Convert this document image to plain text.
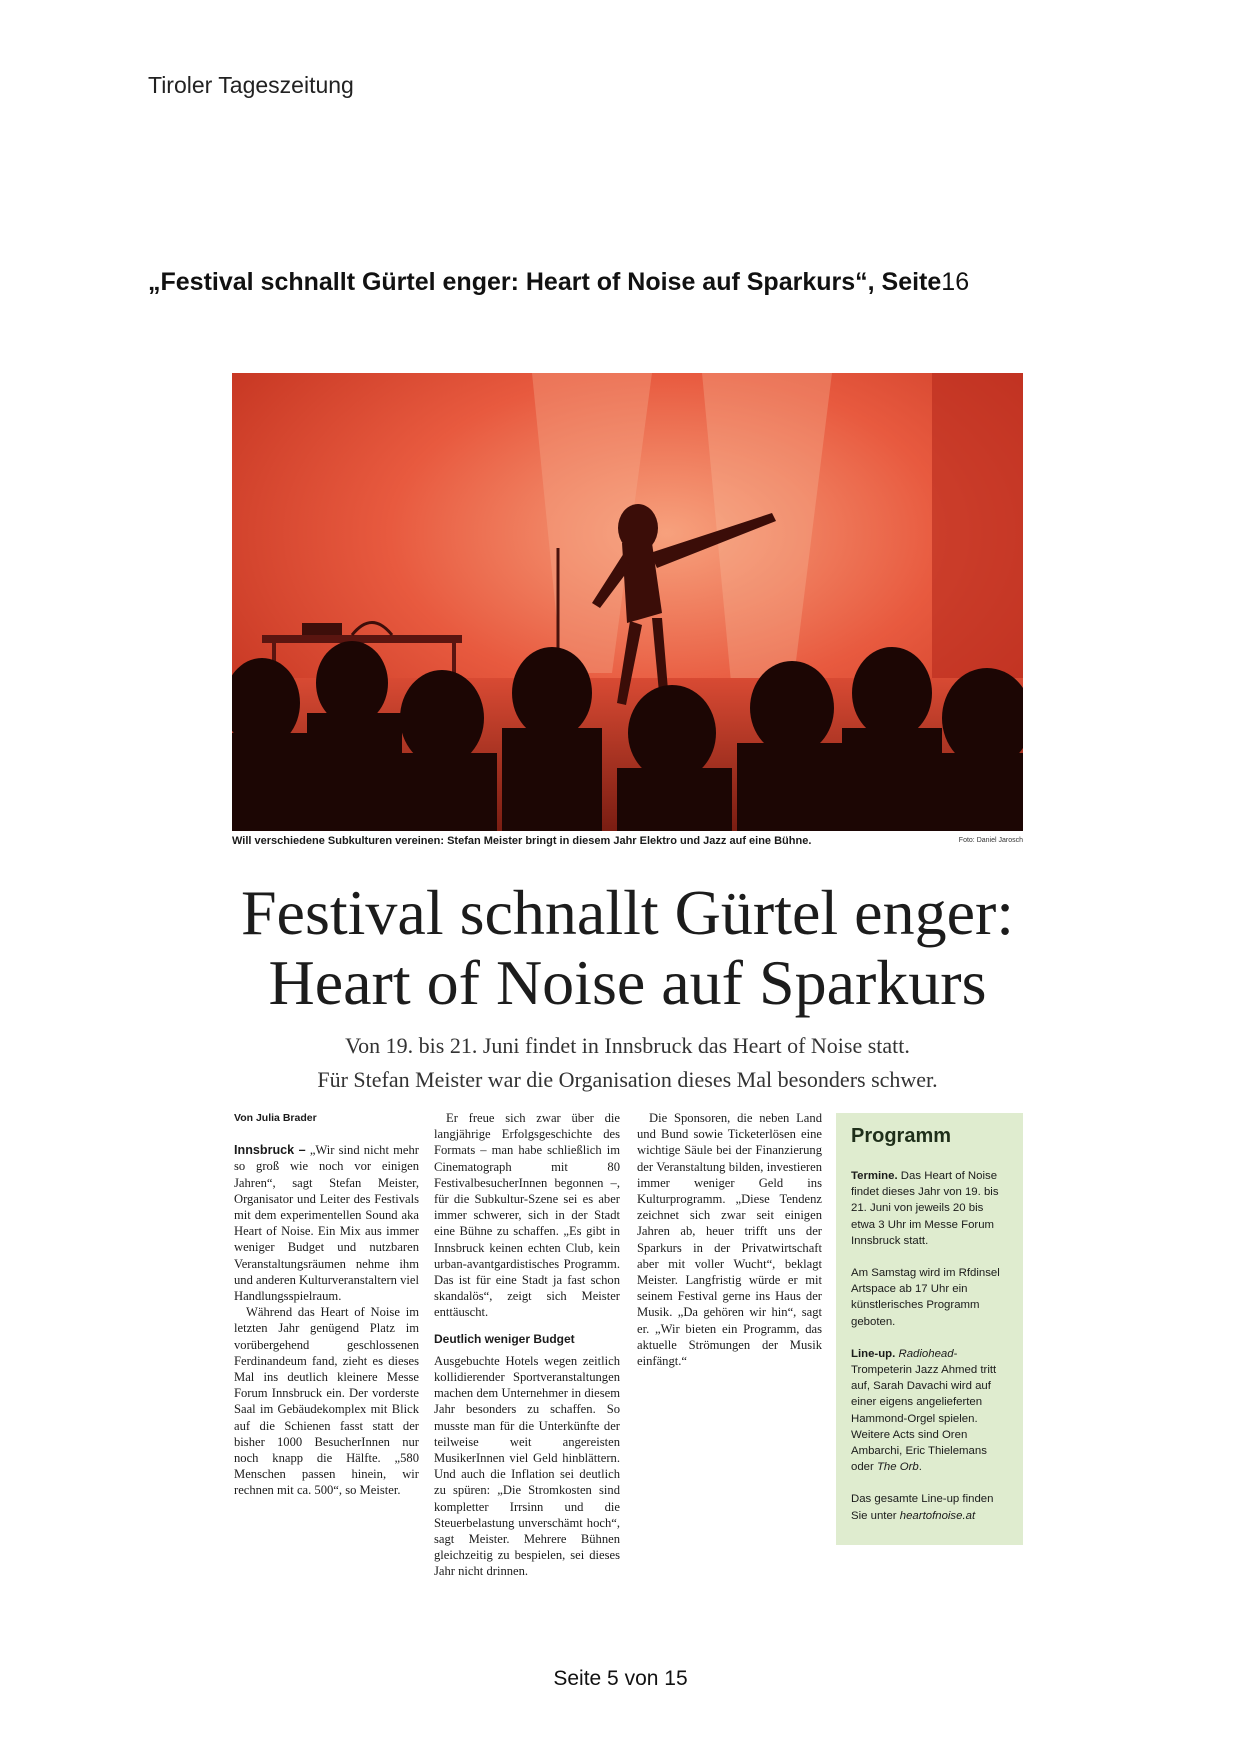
Tiroler Tageszeitung
„Festival schnallt Gürtel enger: Heart of Noise auf Sparkurs“, Seite16
Will verschiedene Subkulturen vereinen: Stefan Meister bringt in diesem Jahr Elektro und Jazz auf eine Bühne.	Foto: Daniel Jarosch
Festival schnallt Gürtel enger:
Heart of Noise auf Sparkurs
Von 19. bis 21. Juni findet in Innsbruck das Heart of Noise statt.
Für Stefan Meister war die Organisation dieses Mal besonders schwer.

Von Julia Brader

Innsbruck – „Wir sind nicht mehr so groß wie noch vor einigen Jahren“, sagt Stefan Meister, Organisator und Leiter des Festivals mit dem experimentellen Sound aka Heart of Noise. Ein Mix aus immer weniger Budget und nutzbaren Veranstaltungsräumen nehme ihm und anderen Kulturveranstaltern viel Handlungsspielraum.

Während das Heart of Noise im letzten Jahr genügend Platz im vorübergehend geschlossenen Ferdinandeum fand, zieht es dieses Mal ins deutlich kleinere Messe Forum Innsbruck ein. Der vorderste Saal im Gebäudekomplex mit Blick auf die Schienen fasst statt der bisher 1000 BesucherInnen nur noch knapp die Hälfte. „580 Menschen passen hinein, wir rechnen mit ca. 500“, so Meister.

Er freue sich zwar über die langjährige Erfolgsgeschichte des Formats – man habe schließlich im Cinematograph mit 80 FestivalbesucherInnen begonnen –, für die Subkultur-Szene sei es aber immer schwerer, sich in der Stadt eine Bühne zu schaffen. „Es gibt in Innsbruck keinen echten Club, kein urban-avantgardistisches Programm. Das ist für eine Stadt ja fast schon skandalös“, zeigt sich Meister enttäuscht.

Deutlich weniger Budget

Ausgebuchte Hotels wegen zeitlich kollidierender Sportveranstaltungen machen dem Unternehmer in diesem Jahr besonders zu schaffen. So musste man für die Unterkünfte der teilweise weit angereisten MusikerInnen viel Geld hinblättern. Und auch die Inflation sei deutlich zu spüren: „Die Stromkosten sind kompletter Irrsinn und die Steuerbelastung unverschämt hoch“, sagt Meister. Mehrere Bühnen gleichzeitig zu bespielen, sei dieses Jahr nicht drinnen.

Die Sponsoren, die neben Land und Bund sowie Ticketerlösen eine wichtige Säule bei der Finanzierung der Veranstaltung bilden, investieren immer weniger Geld ins Kulturprogramm. „Diese Tendenz zeichnet sich zwar seit einigen Jahren ab, heuer trifft uns der Sparkurs in der Privatwirtschaft aber mit voller Wucht“, beklagt Meister. Langfristig würde er mit seinem Festival gerne ins Haus der Musik. „Da gehören wir hin“, sagt er. „Wir bieten ein Programm, das aktuelle Strömungen der Musik einfängt.“

Programm

Termine. Das Heart of Noise findet dieses Jahr von 19. bis 21. Juni von jeweils 20 bis etwa 3 Uhr im Messe Forum Innsbruck statt.

Am Samstag wird im Rfdinsel Artspace ab 17 Uhr ein künstlerisches Programm geboten.

Line-up. Radiohead-Trompeterin Jazz Ahmed tritt auf, Sarah Davachi wird auf einer eigens angelieferten Hammond-Orgel spielen. Weitere Acts sind Oren Ambarchi, Eric Thielemans oder The Orb.

Das gesamte Line-up finden Sie unter heartofnoise.at

Seite 5 von 15
